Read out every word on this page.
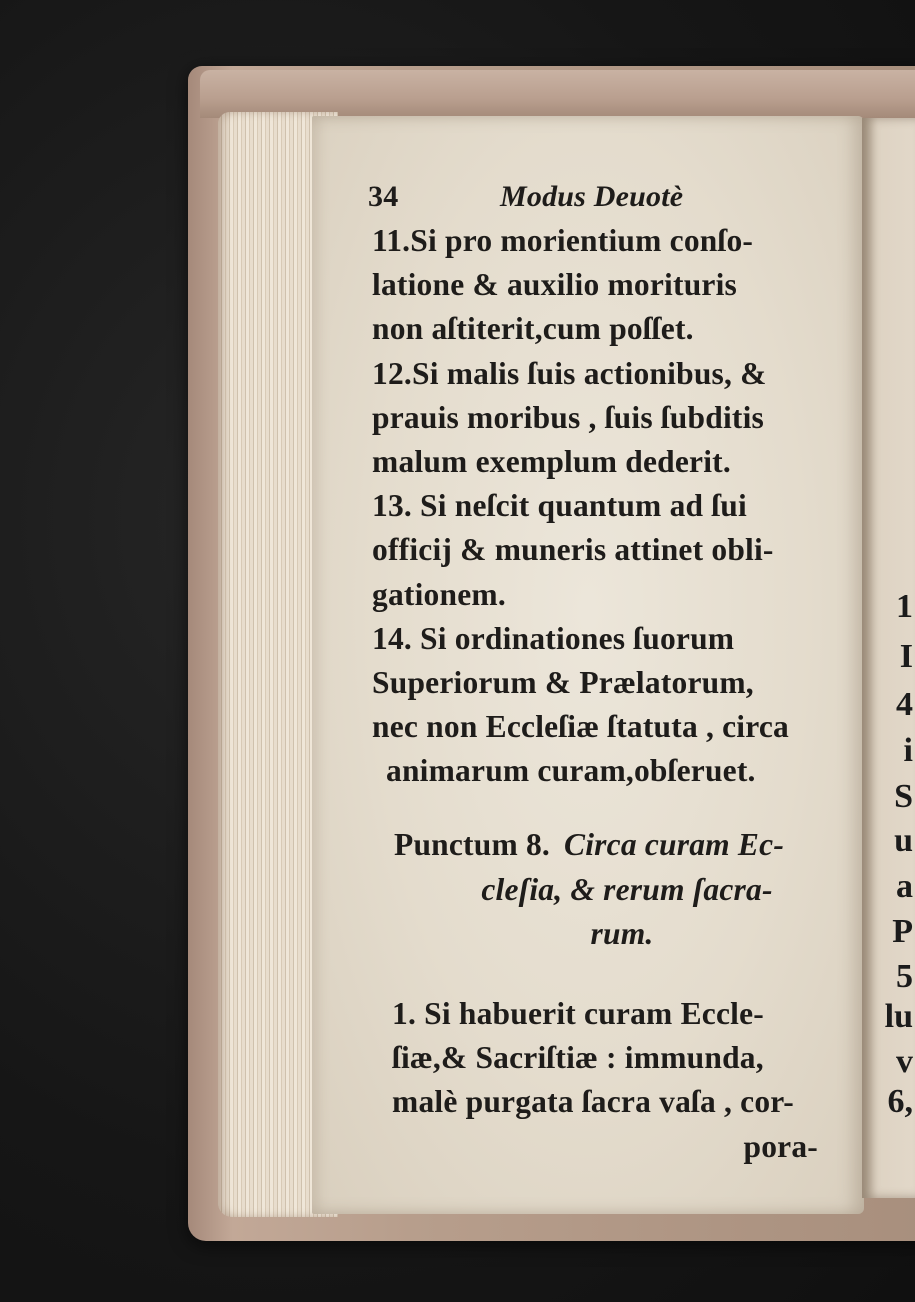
1
I
4
i
S
u
a
P
5
lu
v
6,
34	Modus Deuotè
11.Si pro morientium conſo-
latione & auxilio morituris
non aſtiterit,cum poſſet.
12.Si malis ſuis actionibus, &
prauis moribus , ſuis ſubditis
malum exemplum dederit.
13. Si neſcit quantum ad ſui
officij & muneris attinet obli-
gationem.
14. Si ordinationes ſuorum
Superiorum & Prælatorum,
nec non Eccleſiæ ſtatuta , circa
animarum curam,obſeruet.
Punctum 8. Circa curam Ec-
cleſia, & rerum ſacra-
rum.
1. Si habuerit curam Eccle-
ſiæ,& Sacriſtiæ : immunda,
malè purgata ſacra vaſa , cor-
pora-
